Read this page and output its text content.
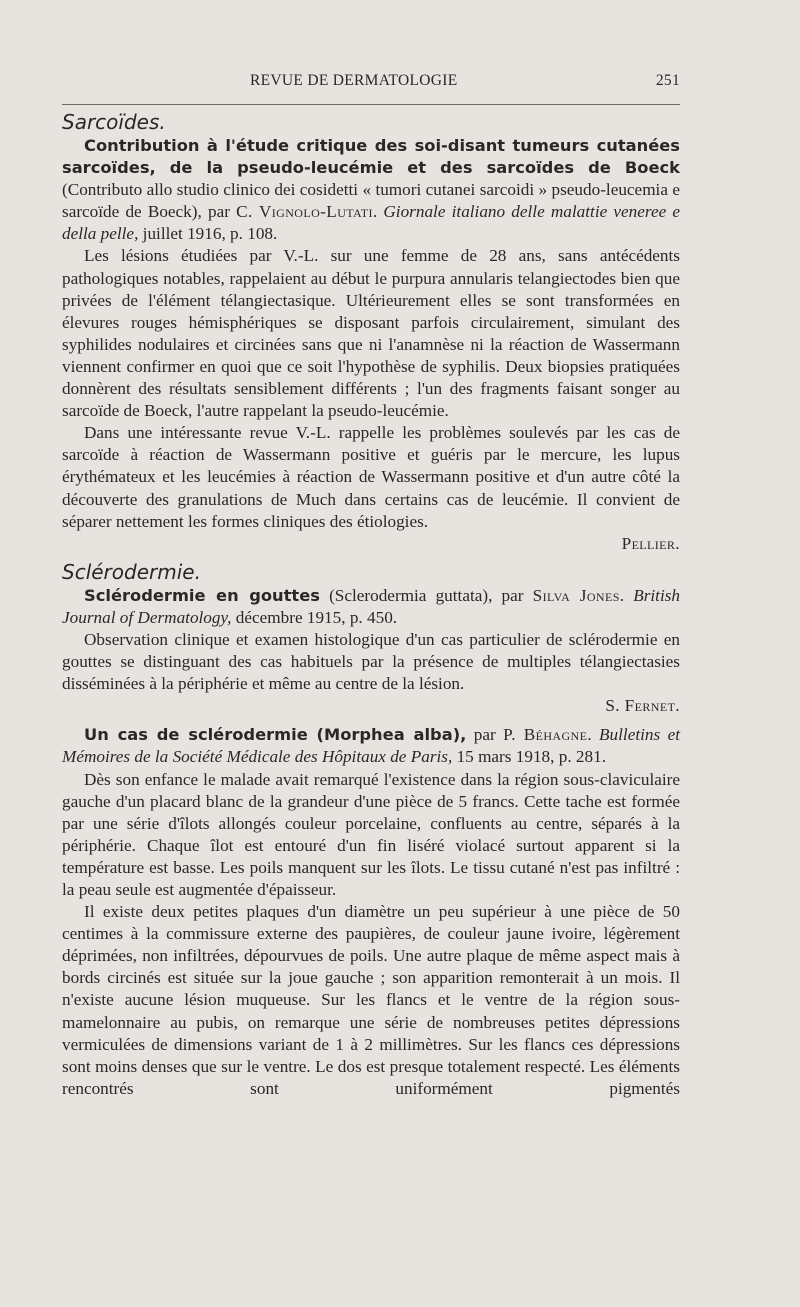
REVUE DE DERMATOLOGIE	251
Sarcoïdes.

Contribution à l'étude critique des soi-disant tumeurs cutanées sarcoïdes, de la pseudo-leucémie et des sarcoïdes de Boeck (Contributo allo studio clinico dei cosidetti « tumori cutanei sarcoidi » pseudo-leucemia e sarcoïde de Boeck), par C. Vignolo-Lutati. Giornale italiano delle malattie veneree e della pelle, juillet 1916, p. 108.

Les lésions étudiées par V.-L. sur une femme de 28 ans, sans antécédents pathologiques notables, rappelaient au début le purpura annularis telangiectodes bien que privées de l'élément télangiectasique. Ultérieurement elles se sont transformées en élevures rouges hémisphériques se disposant parfois circulairement, simulant des syphilides nodulaires et circinées sans que ni l'anamnèse ni la réaction de Wassermann viennent confirmer en quoi que ce soit l'hypothèse de syphilis. Deux biopsies pratiquées donnèrent des résultats sensiblement différents ; l'un des fragments faisant songer au sarcoïde de Boeck, l'autre rappelant la pseudo-leucémie.

Dans une intéressante revue V.-L. rappelle les problèmes soulevés par les cas de sarcoïde à réaction de Wassermann positive et guéris par le mercure, les lupus érythémateux et les leucémies à réaction de Wassermann positive et d'un autre côté la découverte des granulations de Much dans certains cas de leucémie. Il convient de séparer nettement les formes cliniques des étiologies.

Pellier.
Sclérodermie.

Sclérodermie en gouttes (Sclerodermia guttata), par Silva Jones. British Journal of Dermatology, décembre 1915, p. 450.

Observation clinique et examen histologique d'un cas particulier de sclérodermie en gouttes se distinguant des cas habituels par la présence de multiples télangiectasies disséminées à la périphérie et même au centre de la lésion.

S. Fernet.

Un cas de sclérodermie (Morphea alba), par P. Béhagne. Bulletins et Mémoires de la Société Médicale des Hôpitaux de Paris, 15 mars 1918, p. 281.

Dès son enfance le malade avait remarqué l'existence dans la région sous-claviculaire gauche d'un placard blanc de la grandeur d'une pièce de 5 francs. Cette tache est formée par une série d'îlots allongés couleur porcelaine, confluents au centre, séparés à la périphérie. Chaque îlot est entouré d'un fin liséré violacé surtout apparent si la température est basse. Les poils manquent sur les îlots. Le tissu cutané n'est pas infiltré : la peau seule est augmentée d'épaisseur.

Il existe deux petites plaques d'un diamètre un peu supérieur à une pièce de 50 centimes à la commissure externe des paupières, de couleur jaune ivoire, légèrement déprimées, non infiltrées, dépourvues de poils. Une autre plaque de même aspect mais à bords circinés est située sur la joue gauche ; son apparition remonterait à un mois. Il n'existe aucune lésion muqueuse. Sur les flancs et le ventre de la région sous-mamelonnaire au pubis, on remarque une série de nombreuses petites dépressions vermiculées de dimensions variant de 1 à 2 millimètres. Sur les flancs ces dépressions sont moins denses que sur le ventre. Le dos est presque totalement respecté. Les éléments rencontrés sont uniformément pigmentés
